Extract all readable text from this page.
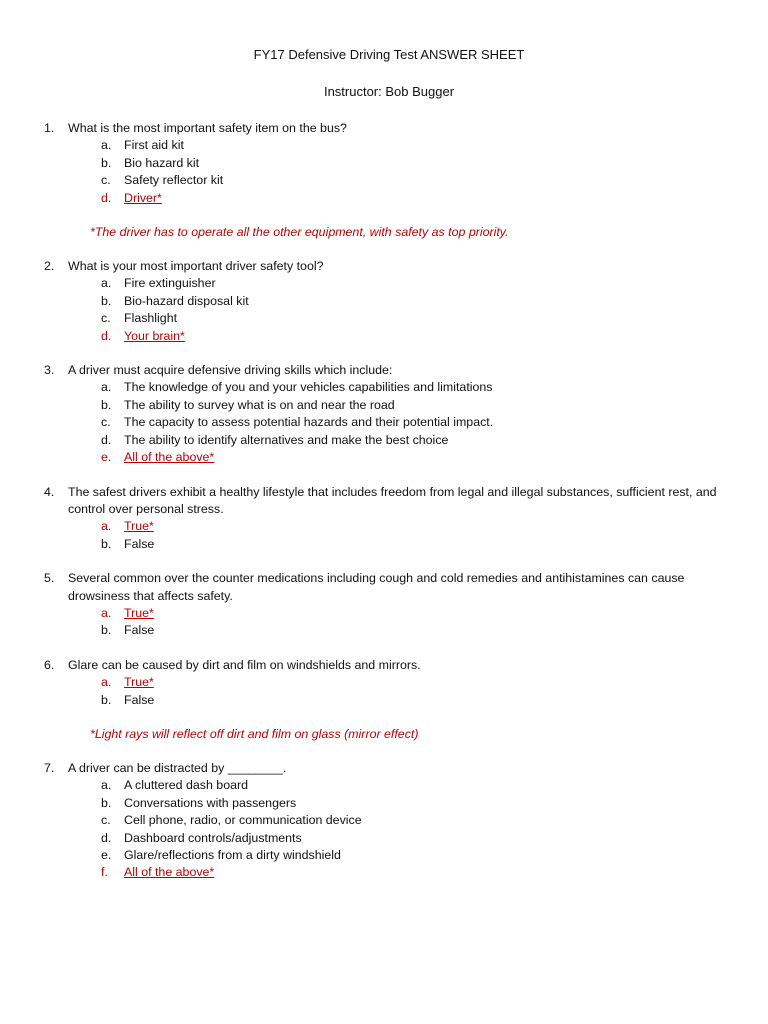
FY17 Defensive Driving Test ANSWER SHEET
Instructor: Bob Bugger
1.	What is the most important safety item on the bus?
a.	First aid kit
b.	Bio hazard kit
c.	Safety reflector kit
d.	Driver*
*The driver has to operate all the other equipment, with safety as top priority.
2.	What is your most important driver safety tool?
a.	Fire extinguisher
b.	Bio-hazard disposal kit
c.	Flashlight
d.	Your brain*
3.	A driver must acquire defensive driving skills which include:
a.	The knowledge of you and your vehicles capabilities and limitations
b.	The ability to survey what is on and near the road
c.	The capacity to assess potential hazards and their potential impact.
d.	The ability to identify alternatives and make the best choice
e.	All of the above*
4.	The safest drivers exhibit a healthy lifestyle that includes freedom from legal and illegal substances, sufficient rest, and control over personal stress.
a.	True*
b.	False
5.	Several common over the counter medications including cough and cold remedies and antihistamines can cause drowsiness that affects safety.
a.	True*
b.	False
6.	Glare can be caused by dirt and film on windshields and mirrors.
a.	True*
b.	False
*Light rays will reflect off dirt and film on glass (mirror effect)
7.	A driver can be distracted by ________.
a.	A cluttered dash board
b.	Conversations with passengers
c.	Cell phone, radio, or communication device
d.	Dashboard controls/adjustments
e.	Glare/reflections from a dirty windshield
f.	All of the above*
